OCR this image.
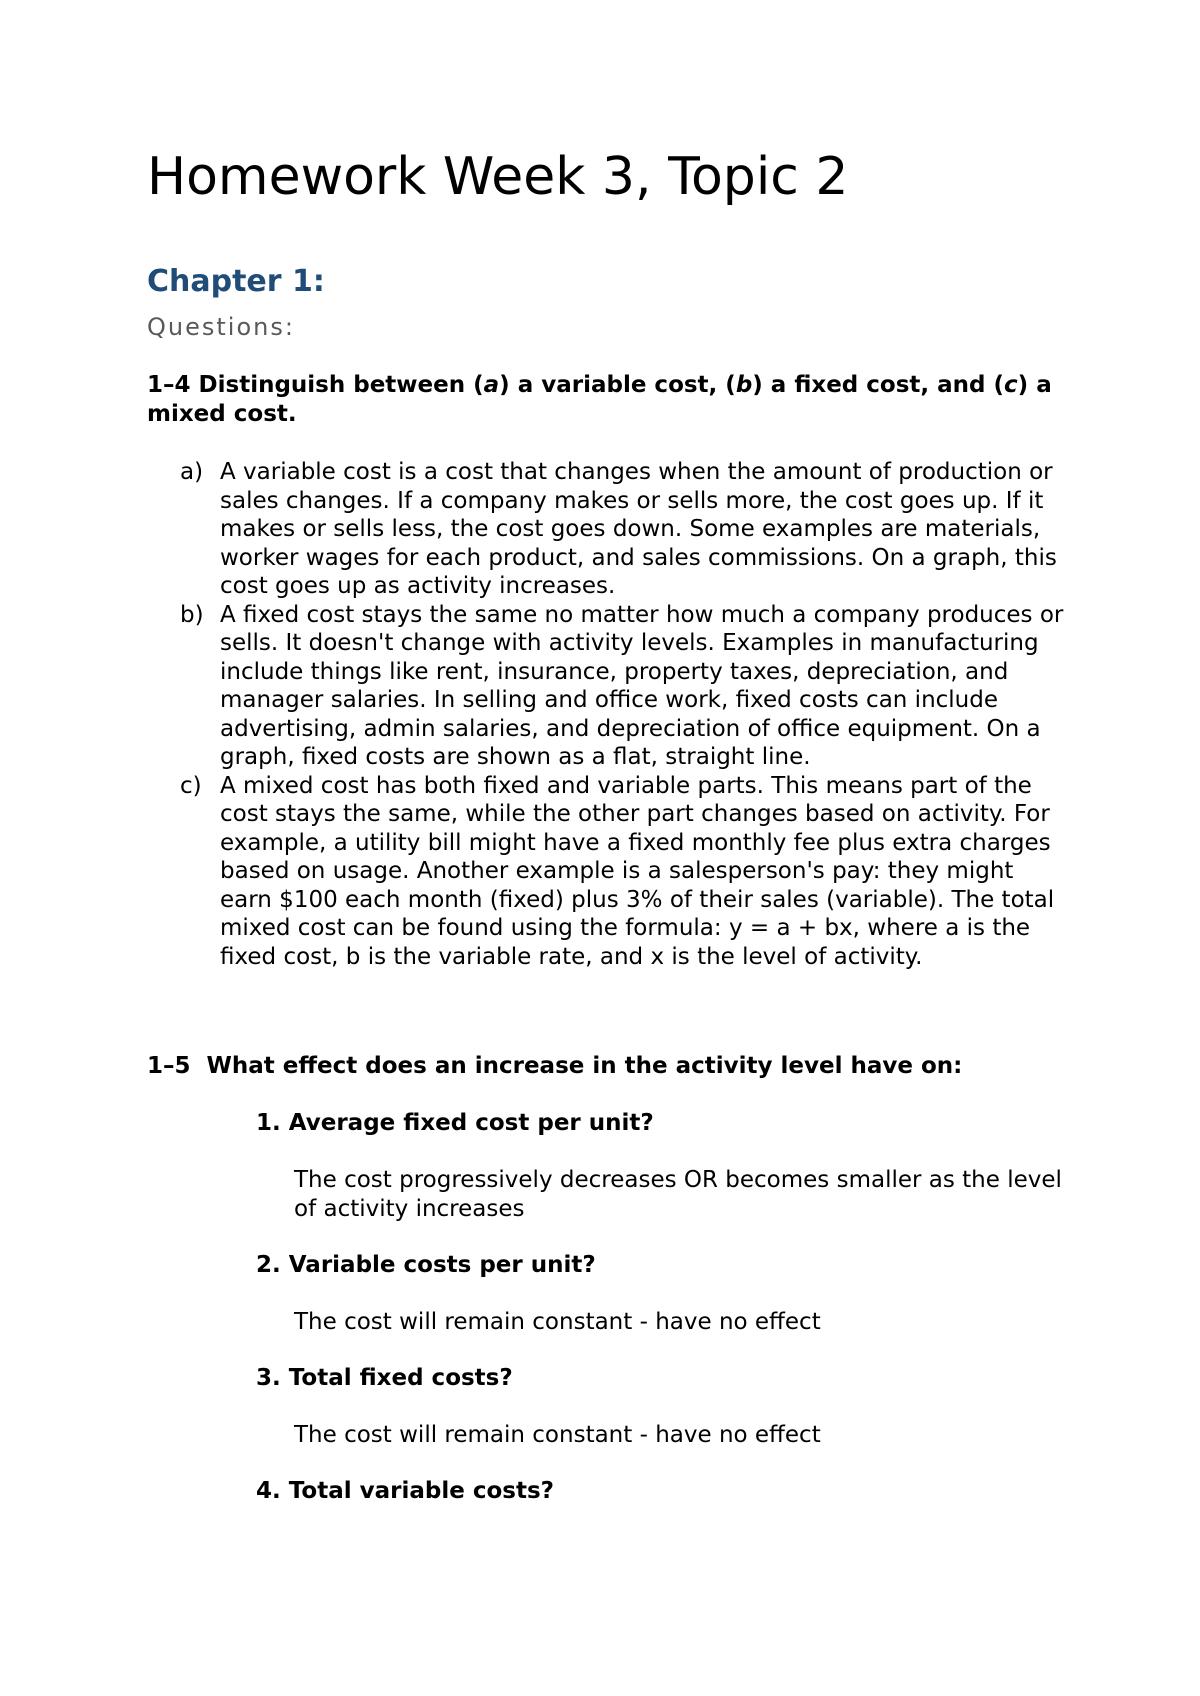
Homework Week 3, Topic 2
Chapter 1:
Questions:
1–4 Distinguish between (a) a variable cost, (b) a fixed cost, and (c) a mixed cost.
a) A variable cost is a cost that changes when the amount of production or sales changes. If a company makes or sells more, the cost goes up. If it makes or sells less, the cost goes down. Some examples are materials, worker wages for each product, and sales commissions. On a graph, this cost goes up as activity increases.
b) A fixed cost stays the same no matter how much a company produces or sells. It doesn't change with activity levels. Examples in manufacturing include things like rent, insurance, property taxes, depreciation, and manager salaries. In selling and office work, fixed costs can include advertising, admin salaries, and depreciation of office equipment. On a graph, fixed costs are shown as a flat, straight line.
c) A mixed cost has both fixed and variable parts. This means part of the cost stays the same, while the other part changes based on activity. For example, a utility bill might have a fixed monthly fee plus extra charges based on usage. Another example is a salesperson's pay: they might earn $100 each month (fixed) plus 3% of their sales (variable). The total mixed cost can be found using the formula: y = a + bx, where a is the fixed cost, b is the variable rate, and x is the level of activity.
1–5 What effect does an increase in the activity level have on:
1. Average fixed cost per unit?
The cost progressively decreases OR becomes smaller as the level of activity increases
2. Variable costs per unit?
The cost will remain constant - have no effect
3. Total fixed costs?
The cost will remain constant - have no effect
4. Total variable costs?
